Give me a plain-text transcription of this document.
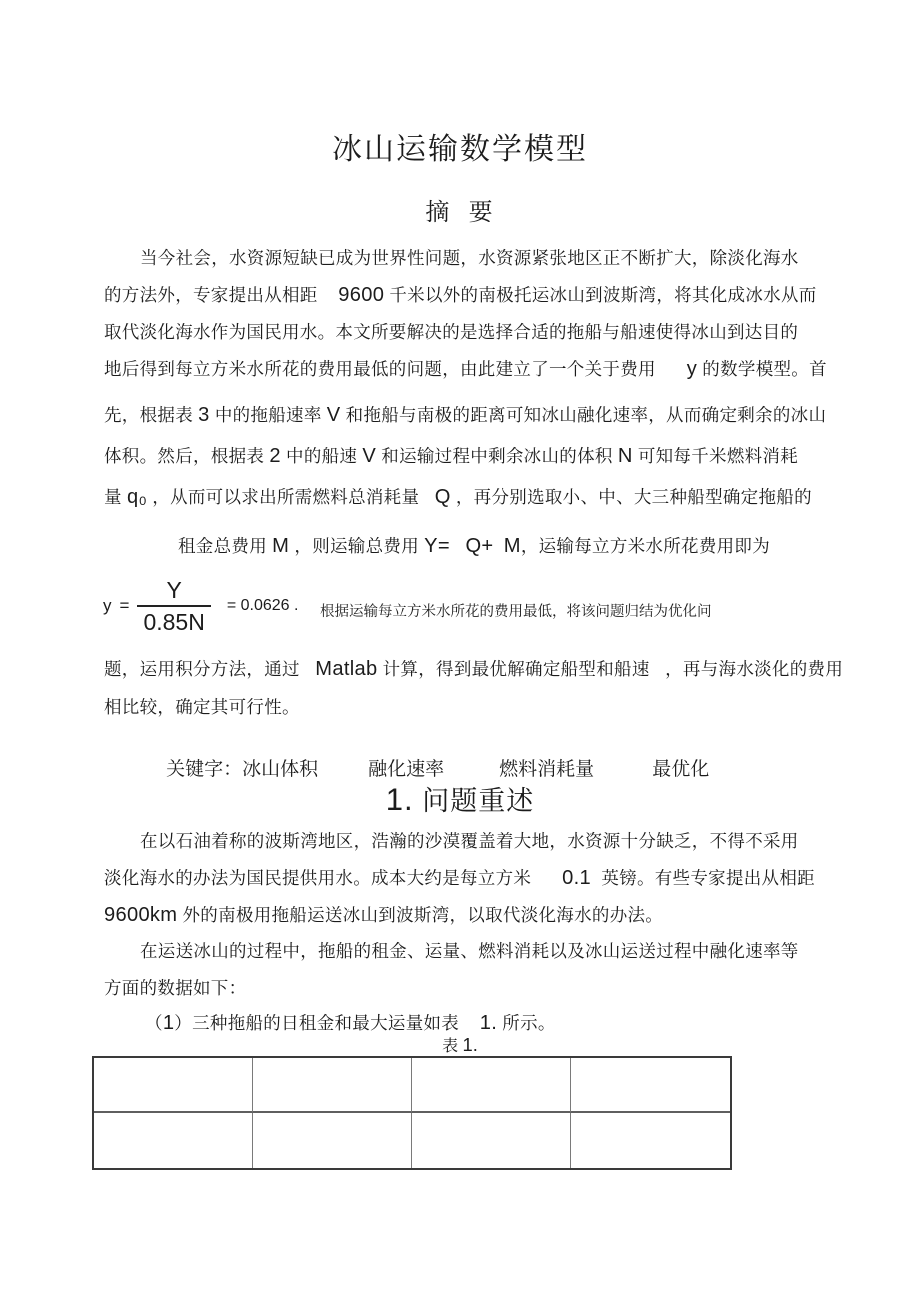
冰山运输数学模型
摘  要
当今社会，水资源短缺已成为世界性问题，水资源紧张地区正不断扩大，除淡化海水
的方法外，专家提出从相距    9600 千米以外的南极托运冰山到波斯湾，将其化成冰水从而
取代淡化海水作为国民用水。本文所要解决的是选择合适的拖船与船速使得冰山到达目的
地后得到每立方米水所花的费用最低的问题，由此建立了一个关于费用      y 的数学模型。首
先，根据表 3 中的拖船速率 V 和拖船与南极的距离可知冰山融化速率，从而确定剩余的冰山
体积。然后，根据表 2 中的船速 V 和运输过程中剩余冰山的体积 N 可知每千米燃料消耗
量 q₀ ，从而可以求出所需燃料总消耗量   Q ，再分别选取小、中、大三种船型确定拖船的
租金总费用 M ，则运输总费用 Y= Q+ M，运输每立方米水所花费用即为
$y = \frac{Y}{0.85N} = 0.0626$ . 根据运输每立方米水所花的费用最低，将该问题归结为优化问
题，运用积分方法，通过   Matlab 计算，得到最优解确定船型和船速   ，再与海水淡化的费用
相比较，确定其可行性。

关键字：冰山体积	融化速率	燃料消耗量	最优化

1. 问题重述
在以石油着称的波斯湾地区，浩瀚的沙漠覆盖着大地，水资源十分缺乏，不得不采用
淡化海水的办法为国民提供用水。成本大约是每立方米      0.1  英镑。有些专家提出从相距
9600km 外的南极用拖船运送冰山到波斯湾，以取代淡化海水的办法。
在运送冰山的过程中，拖船的租金、运量、燃料消耗以及冰山运送过程中融化速率等
方面的数据如下：
（1）三种拖船的日租金和最大运量如表    1. 所示。
表 1.
